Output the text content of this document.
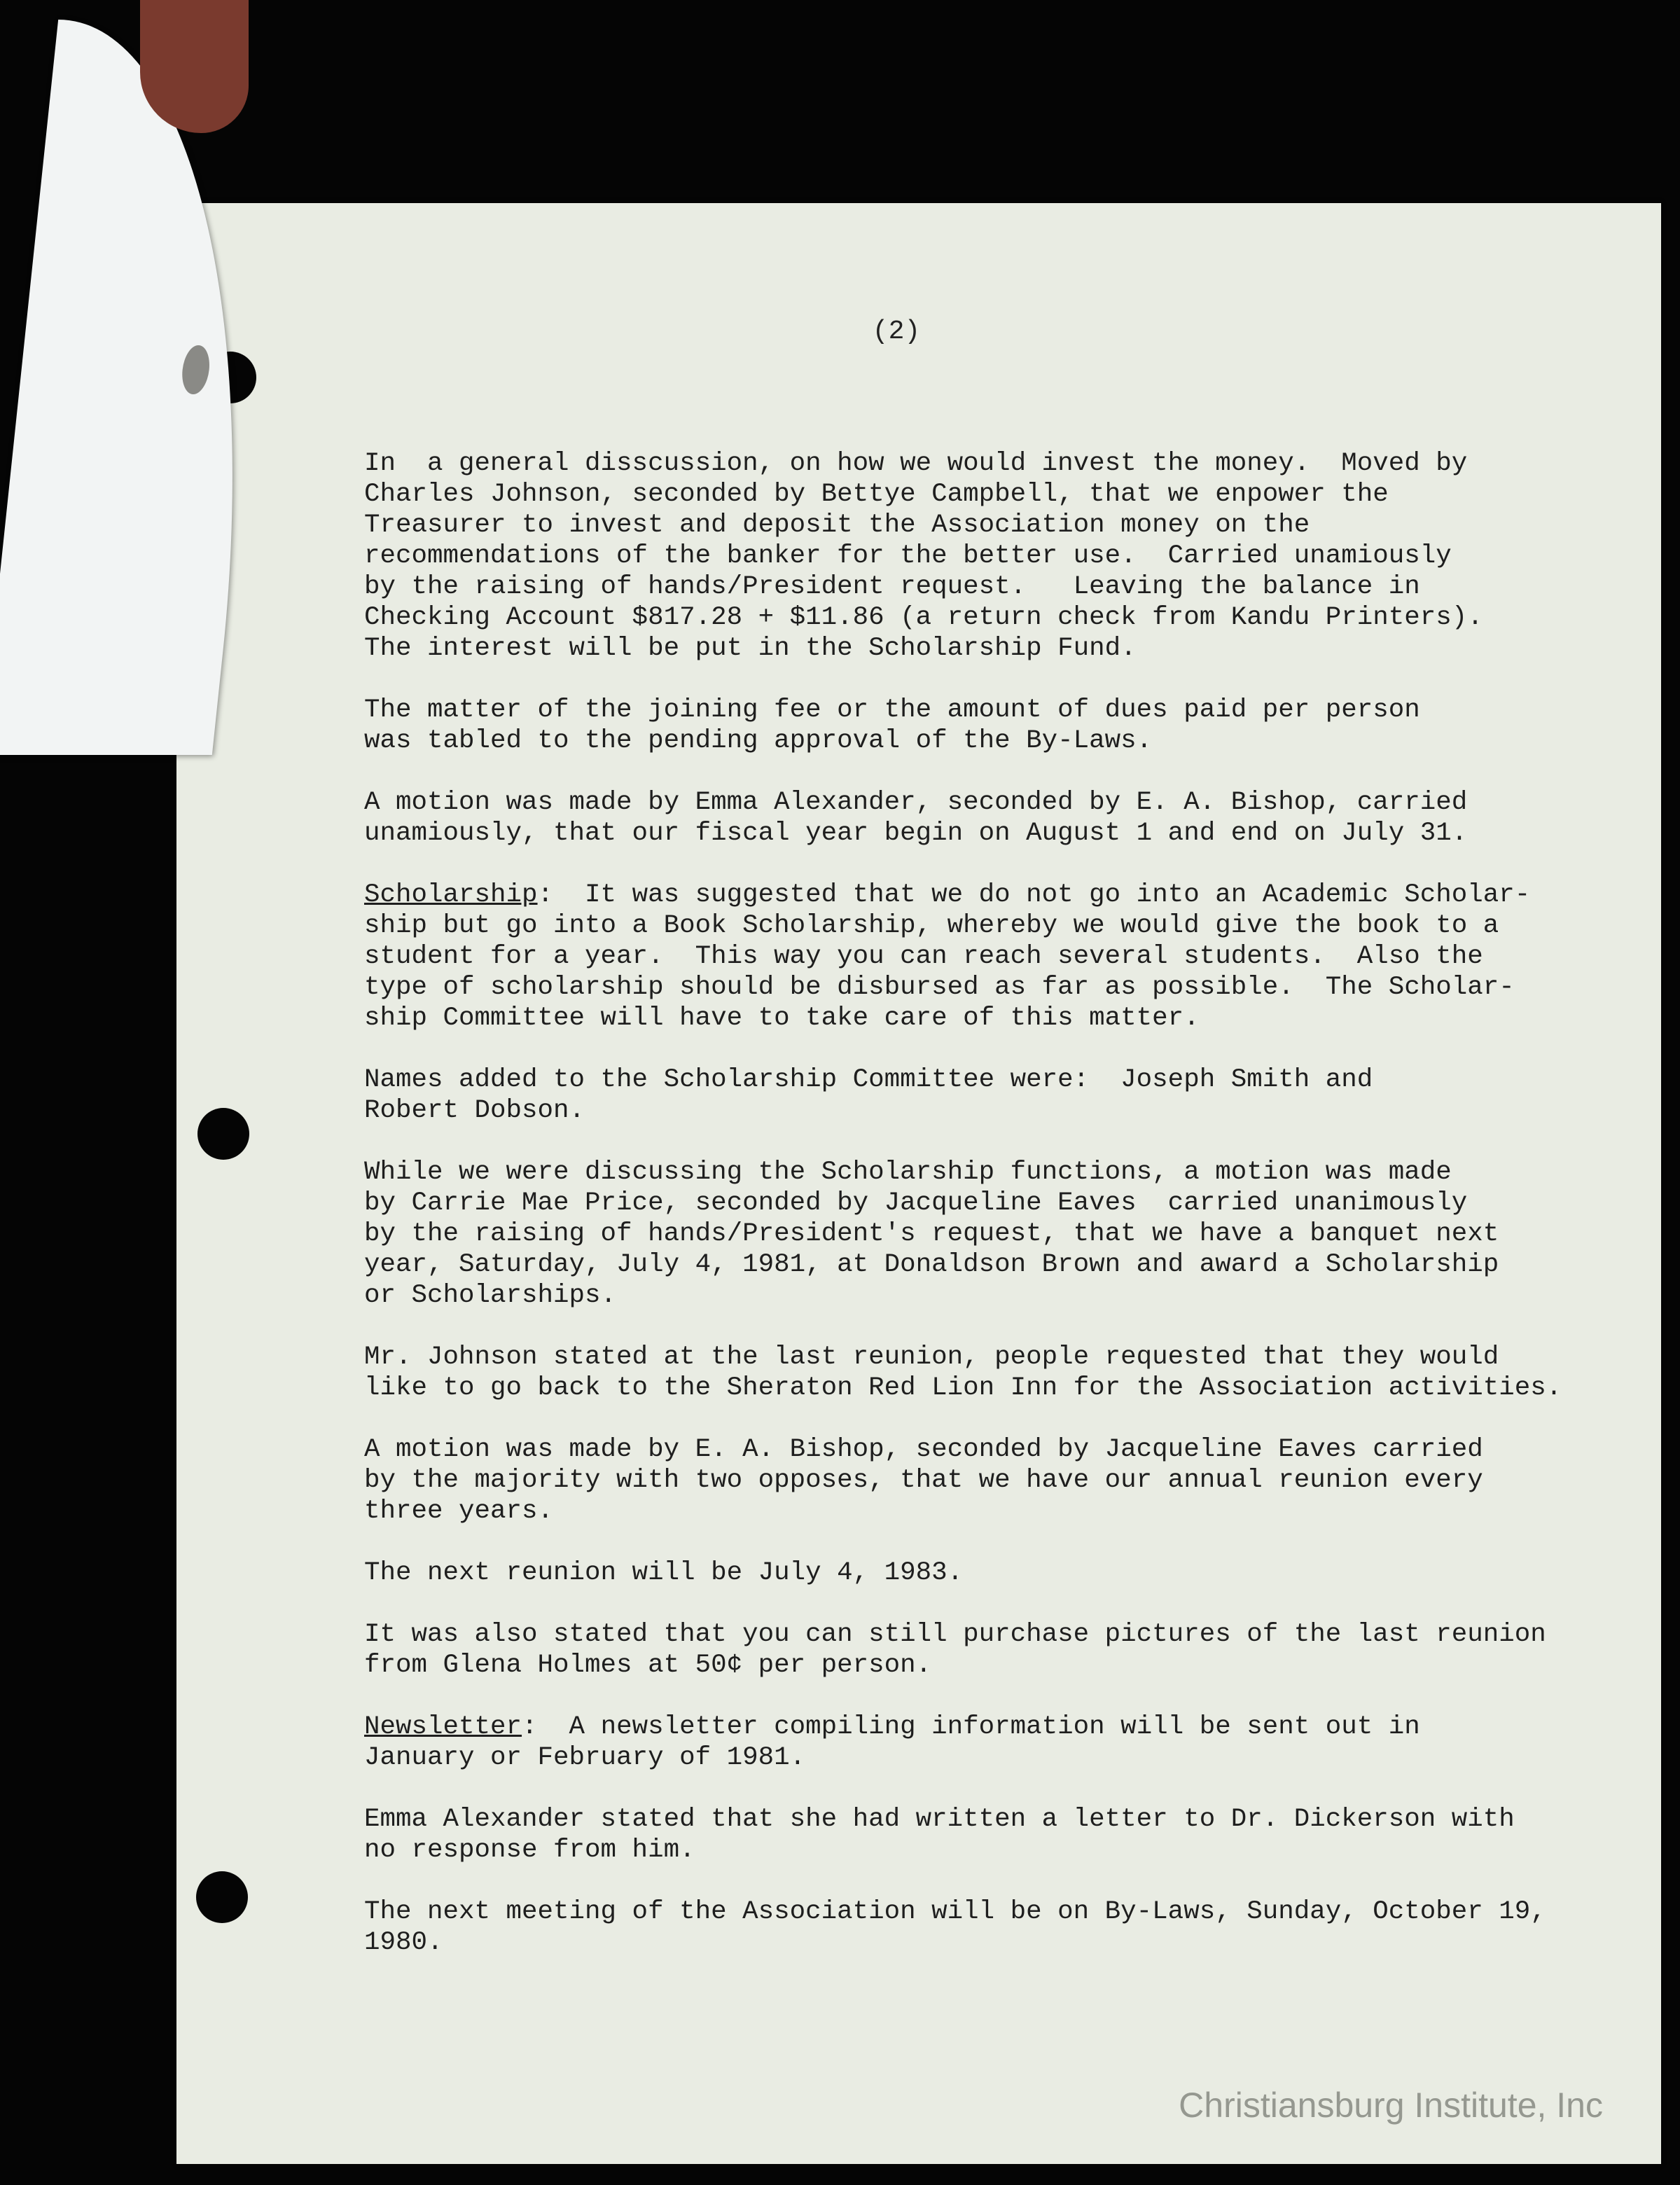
(2)

In  a general disscussion, on how we would invest the money.  Moved by
Charles Johnson, seconded by Bettye Campbell, that we enpower the
Treasurer to invest and deposit the Association money on the
recommendations of the banker for the better use.  Carried unamiously
by the raising of hands/President request.   Leaving the balance in
Checking Account $817.28 + $11.86 (a return check from Kandu Printers).
The interest will be put in the Scholarship Fund.

The matter of the joining fee or the amount of dues paid per person
was tabled to the pending approval of the By-Laws.

A motion was made by Emma Alexander, seconded by E. A. Bishop, carried
unamiously, that our fiscal year begin on August 1 and end on July 31.

Scholarship:  It was suggested that we do not go into an Academic Scholar-
ship but go into a Book Scholarship, whereby we would give the book to a
student for a year.  This way you can reach several students.  Also the
type of scholarship should be disbursed as far as possible.  The Scholar-
ship Committee will have to take care of this matter.

Names added to the Scholarship Committee were:  Joseph Smith and
Robert Dobson.

While we were discussing the Scholarship functions, a motion was made
by Carrie Mae Price, seconded by Jacqueline Eaves  carried unanimously
by the raising of hands/President's request, that we have a banquet next
year, Saturday, July 4, 1981, at Donaldson Brown and award a Scholarship
or Scholarships.

Mr. Johnson stated at the last reunion, people requested that they would
like to go back to the Sheraton Red Lion Inn for the Association activities.

A motion was made by E. A. Bishop, seconded by Jacqueline Eaves carried
by the majority with two opposes, that we have our annual reunion every
three years.

The next reunion will be July 4, 1983.

It was also stated that you can still purchase pictures of the last reunion
from Glena Holmes at 50¢ per person.

Newsletter:  A newsletter compiling information will be sent out in
January or February of 1981.

Emma Alexander stated that she had written a letter to Dr. Dickerson with
no response from him.

The next meeting of the Association will be on By-Laws, Sunday, October 19,
1980.

Christiansburg Institute, Inc
